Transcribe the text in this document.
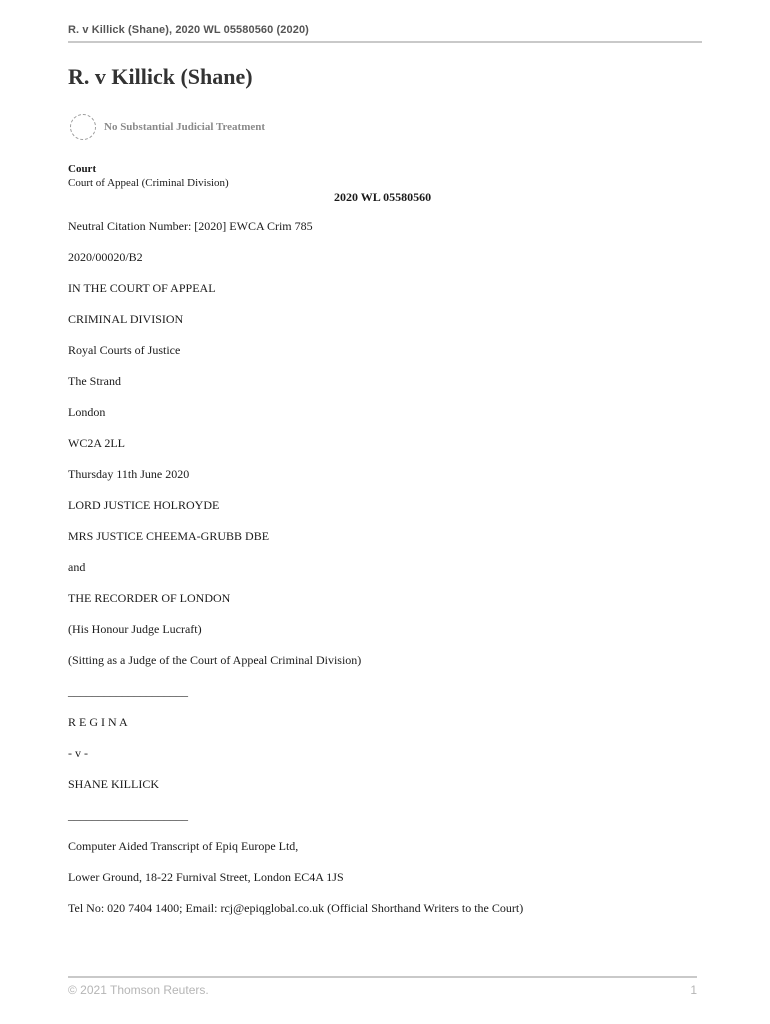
R. v Killick (Shane), 2020 WL 05580560 (2020)
R. v Killick (Shane)
No Substantial Judicial Treatment
Court
Court of Appeal (Criminal Division)
2020 WL 05580560
Neutral Citation Number: [2020] EWCA Crim 785
2020/00020/B2
IN THE COURT OF APPEAL
CRIMINAL DIVISION
Royal Courts of Justice
The Strand
London
WC2A 2LL
Thursday 11th June 2020
LORD JUSTICE HOLROYDE
MRS JUSTICE CHEEMA-GRUBB DBE
and
THE RECORDER OF LONDON
(His Honour Judge Lucraft)
(Sitting as a Judge of the Court of Appeal Criminal Division)
____________________
R E G I N A
- v -
SHANE KILLICK
____________________
Computer Aided Transcript of Epiq Europe Ltd,
Lower Ground, 18-22 Furnival Street, London EC4A 1JS
Tel No: 020 7404 1400; Email: rcj@epiqglobal.co.uk (Official Shorthand Writers to the Court)
© 2021 Thomson Reuters.	1
